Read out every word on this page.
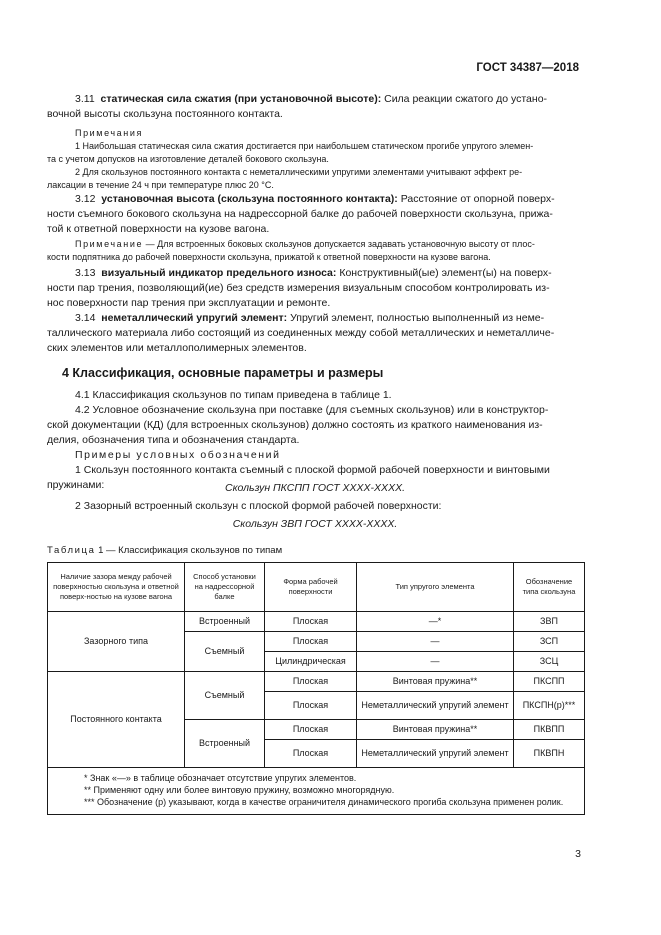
ГОСТ 34387—2018
3.11 статическая сила сжатия (при установочной высоте): Сила реакции сжатого до устано-
вочной высоты скользуна постоянного контакта.
Примечания
1 Наибольшая статическая сила сжатия достигается при наибольшем статическом прогибе упругого элемен-
та с учетом допусков на изготовление деталей бокового скользуна.
2 Для скользунов постоянного контакта с неметаллическими упругими элементами учитывают эффект ре-
лаксации в течение 24 ч при температуре плюс 20 °С.
3.12 установочная высота (скользуна постоянного контакта): Расстояние от опорной поверх-
ности съемного бокового скользуна на надрессорной балке до рабочей поверхности скользуна, прижа-
той к ответной поверхности на кузове вагона.
Примечание — Для встроенных боковых скользунов допускается задавать установочную высоту от плос-
кости подпятника до рабочей поверхности скользуна, прижатой к ответной поверхности на кузове вагона.
3.13 визуальный индикатор предельного износа: Конструктивный(ые) элемент(ы) на поверх-
ности пар трения, позволяющий(ие) без средств измерения визуальным способом контролировать из-
нос поверхности пар трения при эксплуатации и ремонте.
3.14 неметаллический упругий элемент: Упругий элемент, полностью выполненный из неме-
таллического материала либо состоящий из соединенных между собой металлических и неметалличе-
ских элементов или металлополимерных элементов.
4 Классификация, основные параметры и размеры
4.1 Классификация скользунов по типам приведена в таблице 1.
4.2 Условное обозначение скользуна при поставке (для съемных скользунов) или в конструктор-
ской документации (КД) (для встроенных скользунов) должно состоять из краткого наименования из-
делия, обозначения типа и обозначения стандарта.
Примеры условных обозначений
1 Скользун постоянного контакта съемный с плоской формой рабочей поверхности и винтовыми
пружинами:	Скользун ПКСПП ГОСТ ХХХХ-ХХХХ.
2 Зазорный встроенный скользун с плоской формой рабочей поверхности:
Скользун ЗВП ГОСТ ХХХХ-ХХХХ.
Таблица 1 — Классификация скользунов по типам
Наличие зазора между рабочей поверхностью скользуна и ответной поверх-ностью на кузове вагона	Способ установки на надрессорной балке	Форма рабочей поверхности	Тип упругого элемента	Обозначение типа скользуна
Зазорного типа	Встроенный	Плоская	—*	ЗВП
	Съемный	Плоская	—	ЗСП
		Цилиндрическая	—	ЗСЦ
Постоянного контакта	Съемный	Плоская	Винтовая пружина**	ПКСПП
		Плоская	Неметаллический упругий элемент	ПКСПН(р)***
	Встроенный	Плоская	Винтовая пружина**	ПКВПП
		Плоская	Неметаллический упругий элемент	ПКВПН

* Знак «—» в таблице обозначает отсутствие упругих элементов.
** Применяют одну или более винтовую пружину, возможно многорядную.
*** Обозначение (р) указывают, когда в качестве ограничителя динамического прогиба скользуна применен ролик.				
3
